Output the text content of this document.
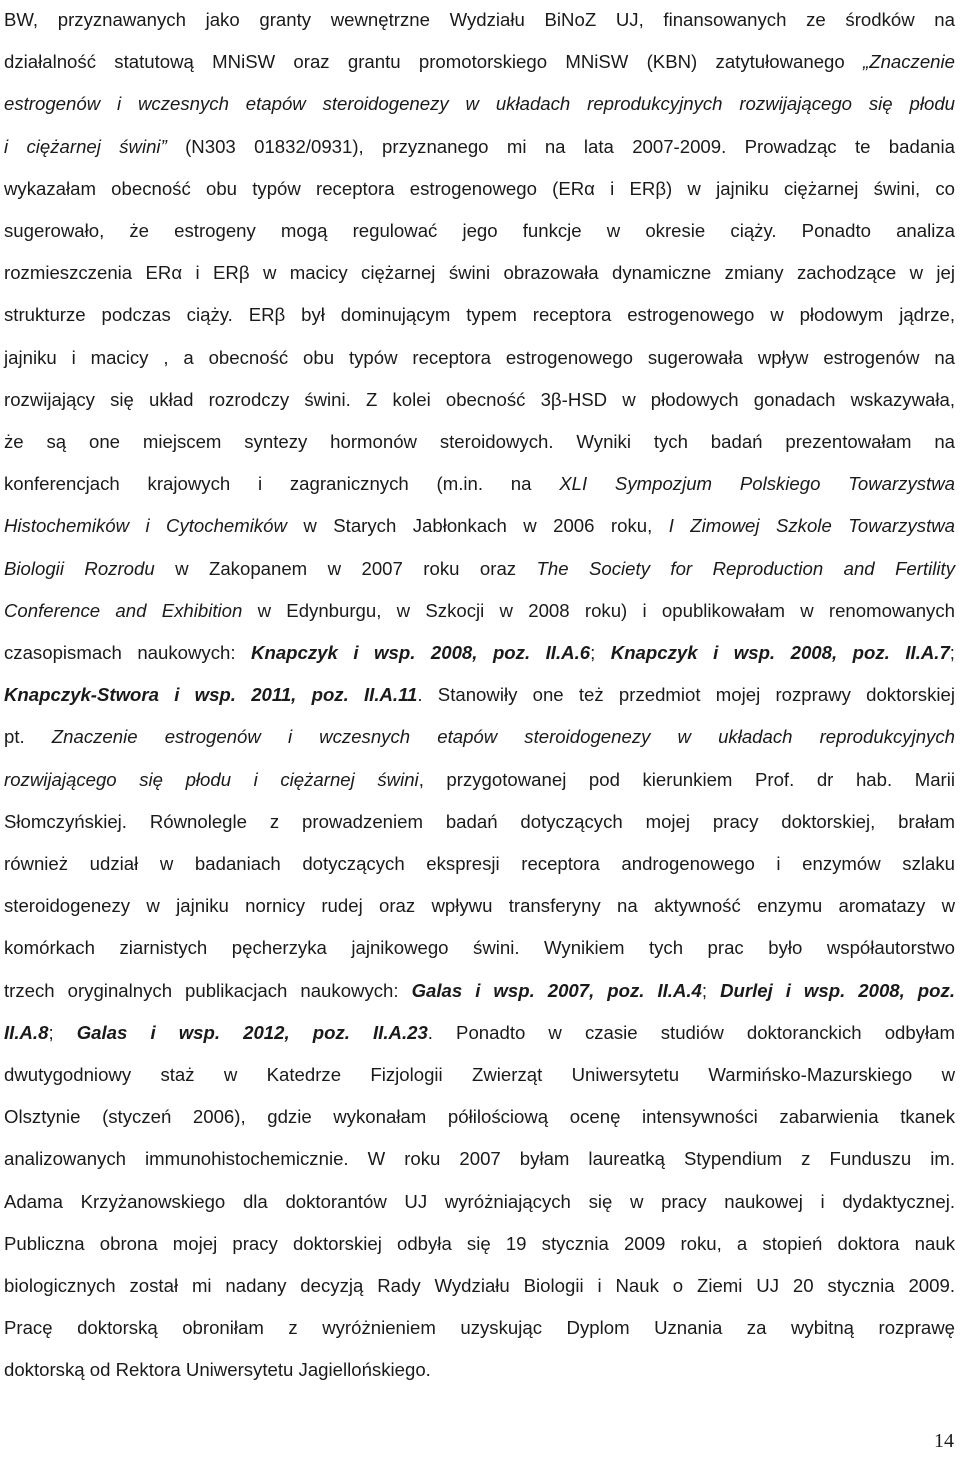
BW, przyznawanych jako granty wewnętrzne Wydziału BiNoZ UJ, finansowanych ze środków na
działalność statutową MNiSW oraz grantu promotorskiego MNiSW (KBN) zatytułowanego „Znaczenie
estrogenów i wczesnych etapów steroidogenezy w układach reprodukcyjnych rozwijającego się płodu
i ciężarnej świni” (N303 01832/0931), przyznanego mi na lata 2007-2009. Prowadząc te badania
wykazałam obecność obu typów receptora estrogenowego (ERα i ERβ) w jajniku ciężarnej świni, co
sugerowało, że estrogeny mogą regulować jego funkcje w okresie ciąży. Ponadto analiza
rozmieszczenia ERα i ERβ w macicy ciężarnej świni obrazowała dynamiczne zmiany zachodzące w jej
strukturze podczas ciąży. ERβ był dominującym typem receptora estrogenowego w płodowym jądrze,
jajniku i macicy , a obecność obu typów receptora estrogenowego sugerowała wpływ estrogenów na
rozwijający się układ rozrodczy świni. Z kolei obecność 3β-HSD w płodowych gonadach wskazywała,
że są one miejscem syntezy hormonów steroidowych. Wyniki tych badań prezentowałam na
konferencjach krajowych i zagranicznych (m.in. na XLI Sympozjum Polskiego Towarzystwa
Histochemików i Cytochemików w Starych Jabłonkach w 2006 roku, I Zimowej Szkole Towarzystwa
Biologii Rozrodu w Zakopanem w 2007 roku oraz The Society for Reproduction and Fertility
Conference and Exhibition w Edynburgu, w Szkocji w 2008 roku) i opublikowałam w renomowanych
czasopismach naukowych: Knapczyk i wsp. 2008, poz. II.A.6; Knapczyk i wsp. 2008, poz. II.A.7;
Knapczyk-Stwora i wsp. 2011, poz. II.A.11. Stanowiły one też przedmiot mojej rozprawy doktorskiej
pt. Znaczenie estrogenów i wczesnych etapów steroidogenezy w układach reprodukcyjnych
rozwijającego się płodu i ciężarnej świni, przygotowanej pod kierunkiem Prof. dr hab. Marii
Słomczyńskiej. Równolegle z prowadzeniem badań dotyczących mojej pracy doktorskiej, brałam
również udział w badaniach dotyczących ekspresji receptora androgenowego i enzymów szlaku
steroidogenezy w jajniku nornicy rudej oraz wpływu transferyny na aktywność enzymu aromatazy w
komórkach ziarnistych pęcherzyka jajnikowego świni. Wynikiem tych prac było współautorstwo
trzech oryginalnych publikacjach naukowych: Galas i wsp. 2007, poz. II.A.4; Durlej i wsp. 2008, poz.
II.A.8; Galas i wsp. 2012, poz. II.A.23. Ponadto w czasie studiów doktoranckich odbyłam
dwutygodniowy staż w Katedrze Fizjologii Zwierząt Uniwersytetu Warmińsko-Mazurskiego w
Olsztynie (styczeń 2006), gdzie wykonałam półilościową ocenę intensywności zabarwienia tkanek
analizowanych immunohistochemicznie. W roku 2007 byłam laureatką Stypendium z Funduszu im.
Adama Krzyżanowskiego dla doktorantów UJ wyróżniających się w pracy naukowej i dydaktycznej.
Publiczna obrona mojej pracy doktorskiej odbyła się 19 stycznia 2009 roku, a stopień doktora nauk
biologicznych został mi nadany decyzją Rady Wydziału Biologii i Nauk o Ziemi UJ 20 stycznia 2009.
Pracę doktorską obroniłam z wyróżnieniem uzyskując Dyplom Uznania za wybitną rozprawę
doktorską od Rektora Uniwersytetu Jagiellońskiego.
14
